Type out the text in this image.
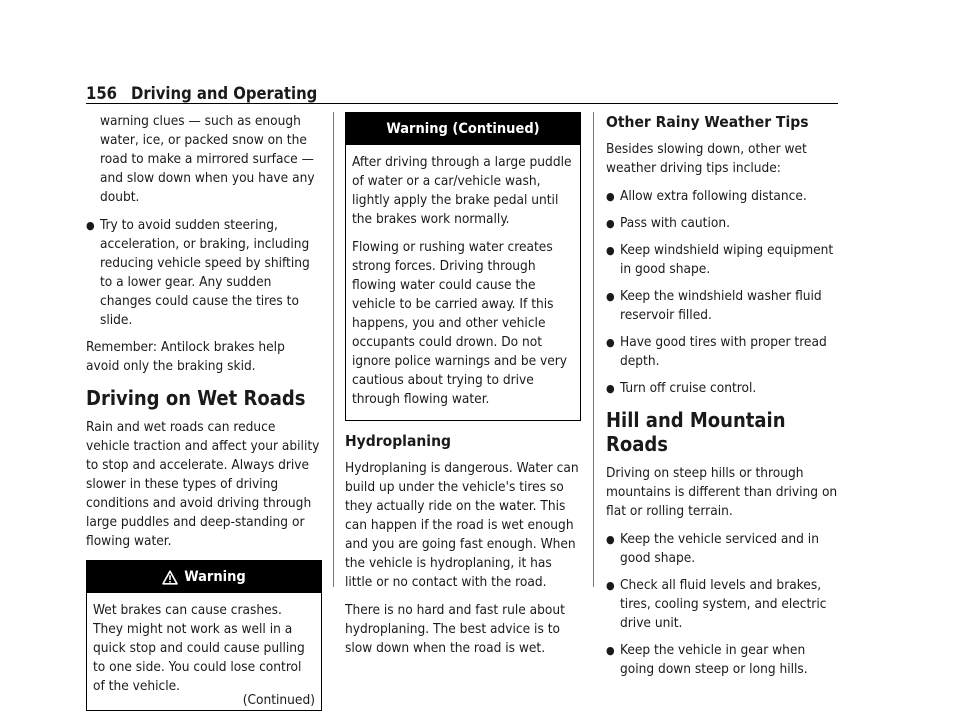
156 Driving and Operating

warning clues — such as enough water, ice, or packed snow on the road to make a mirrored surface — and slow down when you have any doubt.

● Try to avoid sudden steering, acceleration, or braking, including reducing vehicle speed by shifting to a lower gear. Any sudden changes could cause the tires to slide.

Remember: Antilock brakes help avoid only the braking skid.

Driving on Wet Roads

Rain and wet roads can reduce vehicle traction and affect your ability to stop and accelerate. Always drive slower in these types of driving conditions and avoid driving through large puddles and deep-standing or flowing water.

Warning

Wet brakes can cause crashes. They might not work as well in a quick stop and could cause pulling to one side. You could lose control of the vehicle.

(Continued)
Warning (Continued)

After driving through a large puddle of water or a car/vehicle wash, lightly apply the brake pedal until the brakes work normally.

Flowing or rushing water creates strong forces. Driving through flowing water could cause the vehicle to be carried away. If this happens, you and other vehicle occupants could drown. Do not ignore police warnings and be very cautious about trying to drive through flowing water.

Hydroplaning

Hydroplaning is dangerous. Water can build up under the vehicle's tires so they actually ride on the water. This can happen if the road is wet enough and you are going fast enough. When the vehicle is hydroplaning, it has little or no contact with the road.

There is no hard and fast rule about hydroplaning. The best advice is to slow down when the road is wet.

Other Rainy Weather Tips

Besides slowing down, other wet weather driving tips include:

● Allow extra following distance.
● Pass with caution.
● Keep windshield wiping equipment in good shape.
● Keep the windshield washer fluid reservoir filled.
● Have good tires with proper tread depth.
● Turn off cruise control.
Hill and Mountain Roads

Driving on steep hills or through mountains is different than driving on flat or rolling terrain.

● Keep the vehicle serviced and in good shape.
● Check all fluid levels and brakes, tires, cooling system, and electric drive unit.
● Keep the vehicle in gear when going down steep or long hills.
